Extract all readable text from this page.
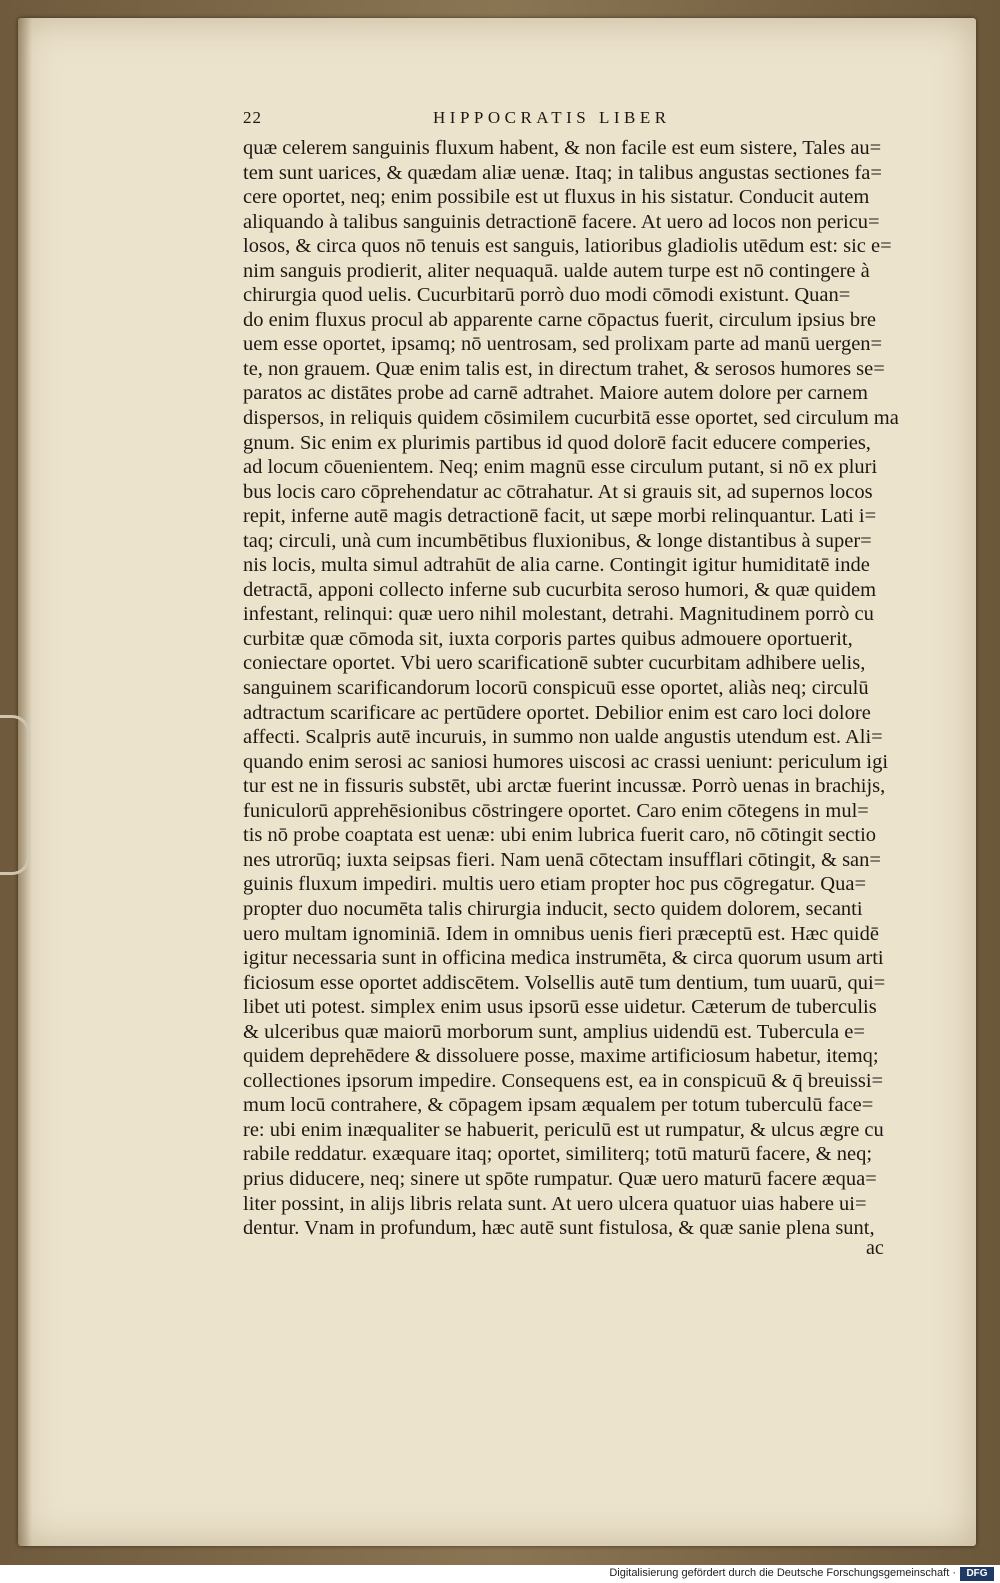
22	HIPPOCRATIS LIBER
quæ celerem sanguinis fluxum habent, & non facile est eum sistere, Tales au=
tem sunt uarices, & quædam aliæ uenæ. Itaq; in talibus angustas sectiones fa=
cere oportet, neq; enim possibile est ut fluxus in his sistatur. Conducit autem
aliquando à talibus sanguinis detractionē facere. At uero ad locos non pericu=
losos, & circa quos nō tenuis est sanguis, latioribus gladiolis utēdum est: sic e=
nim sanguis prodierit, aliter nequaquā. ualde autem turpe est nō contingere à
chirurgia quod uelis. Cucurbitarū porrò duo modi cōmodi existunt. Quan=
do enim fluxus procul ab apparente carne cōpactus fuerit, circulum ipsius bre
uem esse oportet, ipsamq; nō uentrosam, sed prolixam parte ad manū uergen=
te, non grauem. Quæ enim talis est, in directum trahet, & serosos humores se=
paratos ac distātes probe ad carnē adtrahet. Maiore autem dolore per carnem
dispersos, in reliquis quidem cōsimilem cucurbitā esse oportet, sed circulum ma
gnum. Sic enim ex plurimis partibus id quod dolorē facit educere comperies,
ad locum cōuenientem. Neq; enim magnū esse circulum putant, si nō ex pluri
bus locis caro cōprehendatur ac cōtrahatur. At si grauis sit, ad supernos locos
repit, inferne autē magis detractionē facit, ut sæpe morbi relinquantur. Lati i=
taq; circuli, unà cum incumbētibus fluxionibus, & longe distantibus à super=
nis locis, multa simul adtrahūt de alia carne. Contingit igitur humiditatē inde
detractā, apponi collecto inferne sub cucurbita seroso humori, & quæ quidem
infestant, relinqui: quæ uero nihil molestant, detrahi. Magnitudinem porrò cu
curbitæ quæ cōmoda sit, iuxta corporis partes quibus admouere oportuerit,
coniectare oportet. Vbi uero scarificationē subter cucurbitam adhibere uelis,
sanguinem scarificandorum locorū conspicuū esse oportet, aliàs neq; circulū
adtractum scarificare ac pertūdere oportet. Debilior enim est caro loci dolore
affecti. Scalpris autē incuruis, in summo non ualde angustis utendum est. Ali=
quando enim serosi ac saniosi humores uiscosi ac crassi ueniunt: periculum igi
tur est ne in fissuris substēt, ubi arctæ fuerint incussæ. Porrò uenas in brachijs,
funiculorū apprehēsionibus cōstringere oportet. Caro enim cōtegens in mul=
tis nō probe coaptata est uenæ: ubi enim lubrica fuerit caro, nō cōtingit sectio
nes utrorūq; iuxta seipsas fieri. Nam uenā cōtectam insufflari cōtingit, & san=
guinis fluxum impediri. multis uero etiam propter hoc pus cōgregatur. Qua=
propter duo nocumēta talis chirurgia inducit, secto quidem dolorem, secanti
uero multam ignominiā. Idem in omnibus uenis fieri præceptū est. Hæc quidē
igitur necessaria sunt in officina medica instrumēta, & circa quorum usum arti
ficiosum esse oportet addiscētem. Volsellis autē tum dentium, tum uuarū, qui=
libet uti potest. simplex enim usus ipsorū esse uidetur. Cæterum de tuberculis
& ulceribus quæ maiorū morborum sunt, amplius uidendū est. Tubercula e=
quidem deprehēdere & dissoluere posse, maxime artificiosum habetur, itemq;
collectiones ipsorum impedire. Consequens est, ea in conspicuū & q̄ breuissi=
mum locū contrahere, & cōpagem ipsam æqualem per totum tuberculū face=
re: ubi enim inæqualiter se habuerit, periculū est ut rumpatur, & ulcus ægre cu
rabile reddatur. exæquare itaq; oportet, similiterq; totū maturū facere, & neq;
prius diducere, neq; sinere ut spōte rumpatur. Quæ uero maturū facere æqua=
liter possint, in alijs libris relata sunt. At uero ulcera quatuor uias habere ui=
dentur. Vnam in profundum, hæc autē sunt fistulosa, & quæ sanie plena sunt,
ac
Digitalisierung gefördert durch die Deutsche Forschungsgemeinschaft ·	DFG
